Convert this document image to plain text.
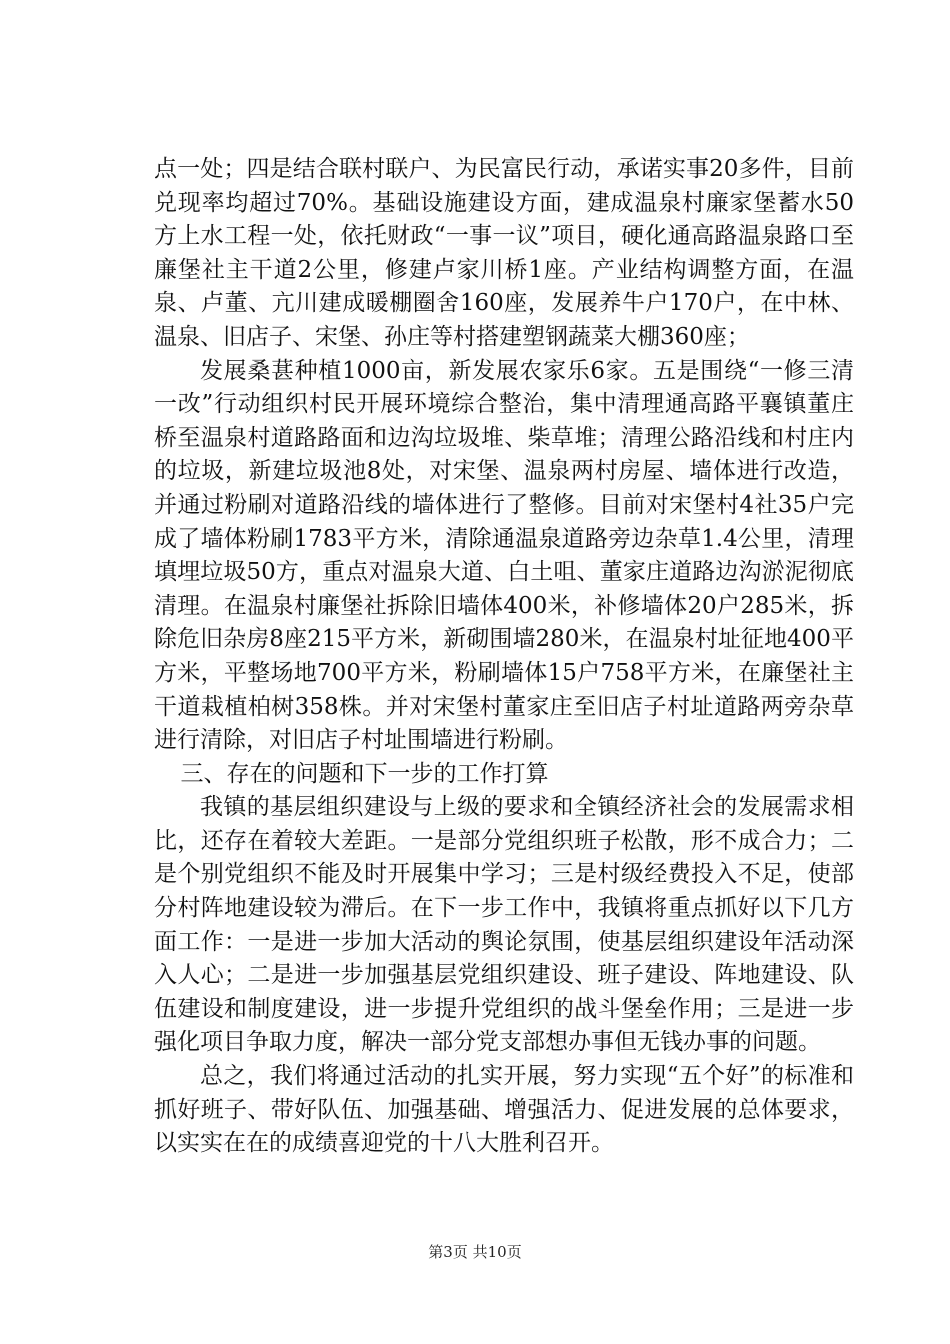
点一处；四是结合联村联户、为民富民行动，承诺实事20多件，目前兑现率均超过70%。基础设施建设方面，建成温泉村廉家堡蓄水50方上水工程一处，依托财政“一事一议”项目，硬化通高路温泉路口至廉堡社主干道2公里，修建卢家川桥1座。产业结构调整方面，在温泉、卢董、亢川建成暖棚圈舍160座，发展养牛户170户，在中林、温泉、旧店子、宋堡、孙庄等村搭建塑钢蔬菜大棚360座；

发展桑葚种植1000亩，新发展农家乐6家。五是围绕“一修三清一改”行动组织村民开展环境综合整治，集中清理通高路平襄镇董庄桥至温泉村道路路面和边沟垃圾堆、柴草堆；清理公路沿线和村庄内的垃圾，新建垃圾池8处，对宋堡、温泉两村房屋、墙体进行改造，并通过粉刷对道路沿线的墙体进行了整修。目前对宋堡村4社35户完成了墙体粉刷1783平方米，清除通温泉道路旁边杂草1.4公里，清理填埋垃圾50方，重点对温泉大道、白土咀、董家庄道路边沟淤泥彻底清理。在温泉村廉堡社拆除旧墙体400米，补修墙体20户285米，拆除危旧杂房8座215平方米，新砌围墙280米，在温泉村址征地400平方米，平整场地700平方米，粉刷墙体15户758平方米，在廉堡社主干道栽植柏树358株。并对宋堡村董家庄至旧店子村址道路两旁杂草进行清除，对旧店子村址围墙进行粉刷。

三、存在的问题和下一步的工作打算

我镇的基层组织建设与上级的要求和全镇经济社会的发展需求相比，还存在着较大差距。一是部分党组织班子松散，形不成合力；二是个别党组织不能及时开展集中学习；三是村级经费投入不足，使部分村阵地建设较为滞后。在下一步工作中，我镇将重点抓好以下几方面工作：一是进一步加大活动的舆论氛围，使基层组织建设年活动深入人心；二是进一步加强基层党组织建设、班子建设、阵地建设、队伍建设和制度建设，进一步提升党组织的战斗堡垒作用；三是进一步强化项目争取力度，解决一部分党支部想办事但无钱办事的问题。

总之，我们将通过活动的扎实开展，努力实现“五个好”的标准和抓好班子、带好队伍、加强基础、增强活力、促进发展的总体要求，以实实在在的成绩喜迎党的十八大胜利召开。

第3页 共10页
